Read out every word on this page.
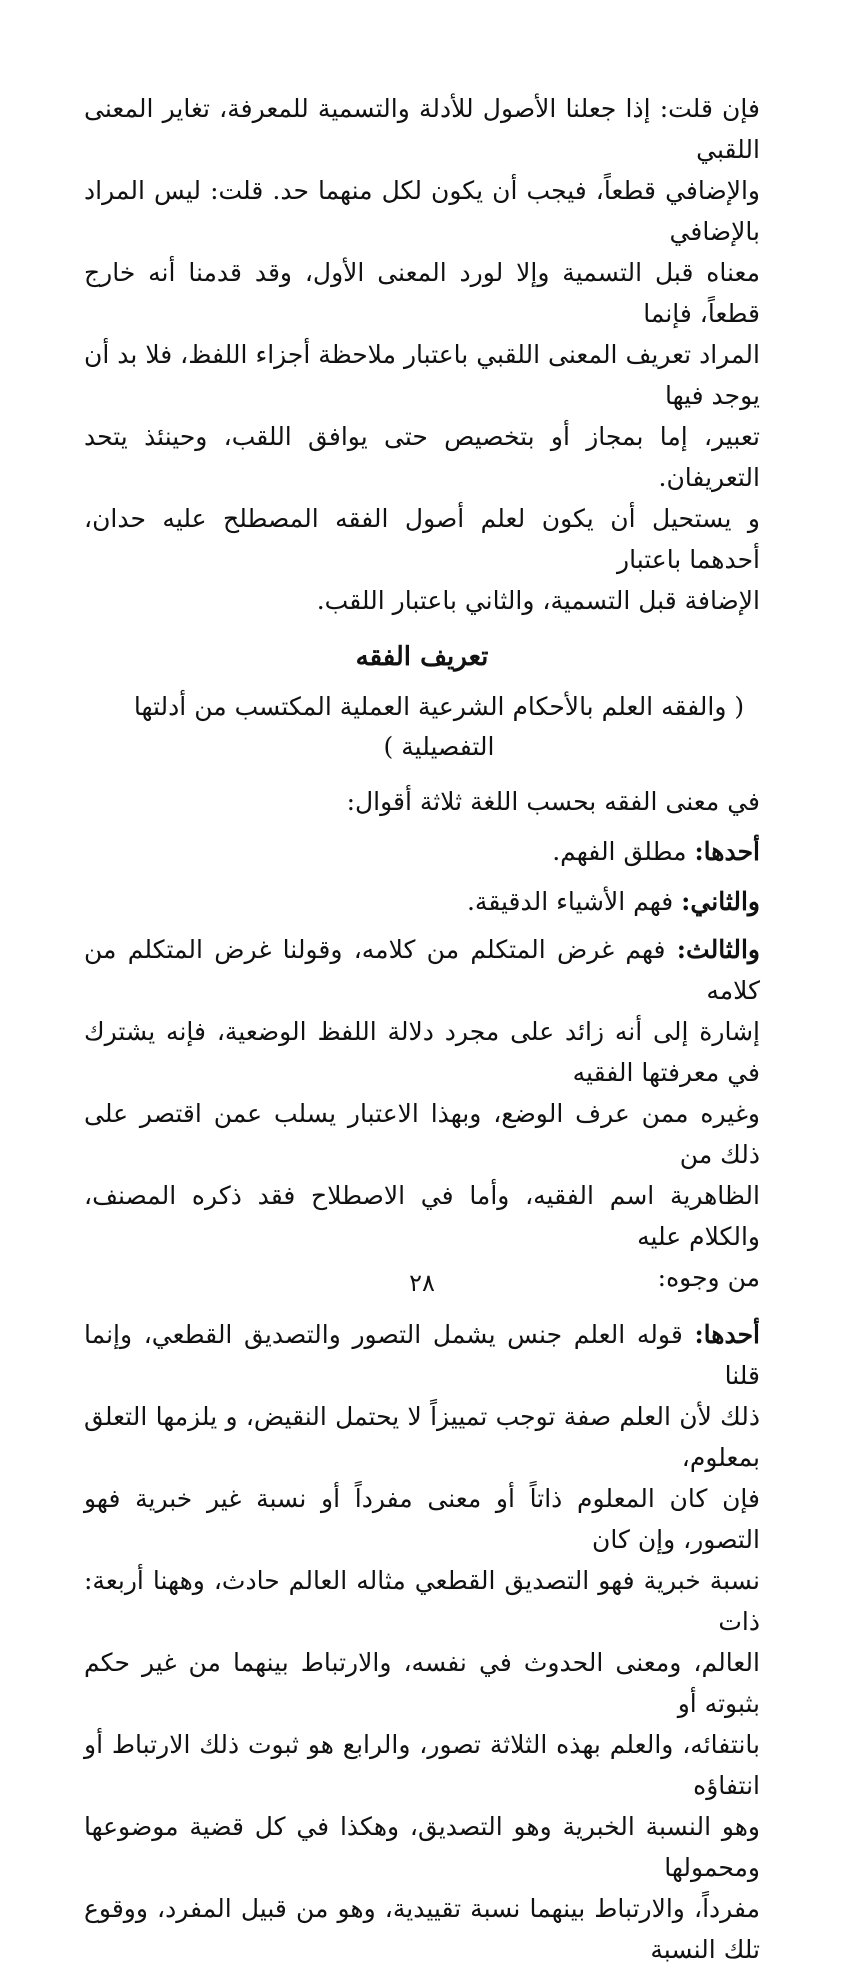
فإن قلت: إذا جعلنا الأصول للأدلة والتسمية للمعرفة، تغاير المعنى اللقبي

والإضافي قطعاً، فيجب أن يكون لكل منهما حد. قلت: ليس المراد بالإضافي

معناه قبل التسمية وإلا لورد المعنى الأول، وقد قدمنا أنه خارج قطعاً، فإنما

المراد تعريف المعنى اللقبي باعتبار ملاحظة أجزاء اللفظ، فلا بد أن يوجد فيها

تعبير، إما بمجاز أو بتخصيص حتى يوافق اللقب، وحينئذ يتحد التعريفان.

و يستحيل أن يكون لعلم أصول الفقه المصطلح عليه حدان، أحدهما باعتبار

الإضافة قبل التسمية، والثاني باعتبار اللقب.

تعريف الفقه

( والفقه العلم بالأحكام الشرعية العملية المكتسب من أدلتها التفصيلية )

في معنى الفقه بحسب اللغة ثلاثة أقوال:

أحدها: مطلق الفهم.

والثاني: فهم الأشياء الدقيقة.

والثالث: فهم غرض المتكلم من كلامه، وقولنا غرض المتكلم من كلامه

إشارة إلى أنه زائد على مجرد دلالة اللفظ الوضعية، فإنه يشترك في معرفتها الفقيه

وغيره ممن عرف الوضع، وبهذا الاعتبار يسلب عمن اقتصر على ذلك من

الظاهرية اسم الفقيه، وأما في الاصطلاح فقد ذكره المصنف، والكلام عليه

من وجوه:

أحدها: قوله العلم جنس يشمل التصور والتصديق القطعي، وإنما قلنا

ذلك لأن العلم صفة توجب تمييزاً لا يحتمل النقيض، و يلزمها التعلق بمعلوم،

فإن كان المعلوم ذاتاً أو معنى مفرداً أو نسبة غير خبرية فهو التصور، وإن كان

نسبة خبرية فهو التصديق القطعي مثاله العالم حادث، وههنا أربعة: ذات

العالم، ومعنى الحدوث في نفسه، والارتباط بينهما من غير حكم بثبوته أو

بانتفائه، والعلم بهذه الثلاثة تصور، والرابع هو ثبوت ذلك الارتباط أو انتفاؤه

وهو النسبة الخبرية وهو التصديق، وهكذا في كل قضية موضوعها ومحمولها

مفرداً، والارتباط بينهما نسبة تقييدية، وهو من قبيل المفرد، ووقوع تلك النسبة

٢٨
